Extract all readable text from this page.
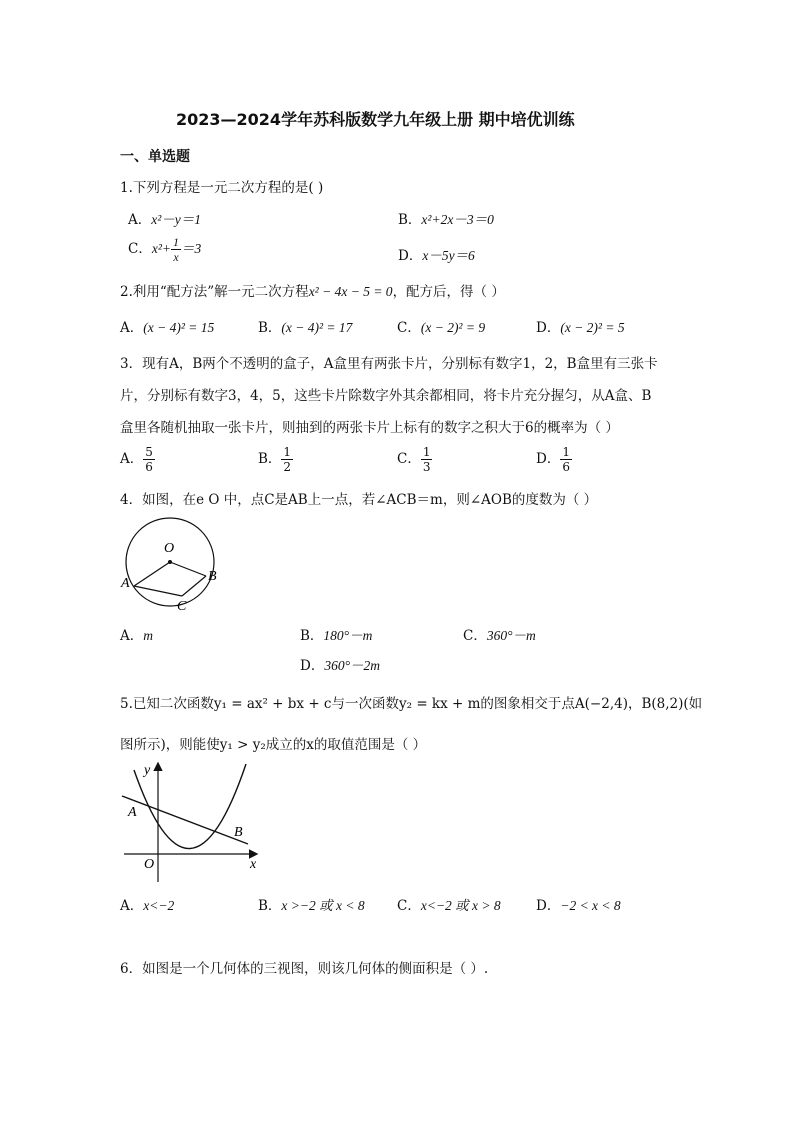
2023—2024学年苏科版数学九年级上册 期中培优训练
一、单选题
1.下列方程是一元二次方程的是( )
A．x²－y＝1	B．x²+2x－3＝0
C．$x^2+ \frac{1}{x} =3$	D．x－5y＝6
2.利用“配方法”解一元二次方程x² − 4x − 5 = 0，配方后，得（ ）
A．(x − 4)² = 15	B．(x − 4)² = 17	C．(x − 2)² = 9	D．(x − 2)² = 5
3．现有A，B两个不透明的盒子，A盒里有两张卡片，分别标有数字1，2，B盒里有三张卡
片，分别标有数字3，4，5，这些卡片除数字外其余都相同，将卡片充分握匀，从A盒、B
盒里各随机抽取一张卡片，则抽到的两张卡片上标有的数字之积大于6的概率为（ ）
A． $\frac{5}{6}$	B． $\frac{1}{2}$	C． $\frac{1}{3}$	D． $\frac{1}{6}$
4．如图，在e O 中，点C是AB上一点，若∠ACB＝m，则∠AOB的度数为（ ）
O
A	B
C
A．m	B．180°－m	C．360°－m
D．360°－2m
5.已知二次函数y₁ = ax² + bx + c与一次函数y₂ = kx + m的图象相交于点A(−2,4)，B(8,2)(如
图所示)，则能使y₁ > y₂成立的x的取值范围是（ ）
y
x
O
A
B
A．x<−2	B．x >−2 或 x < 8 C．x<−2 或 x > 8	D．−2 < x < 8
6．如图是一个几何体的三视图，则该几何体的侧面积是（ ）.
